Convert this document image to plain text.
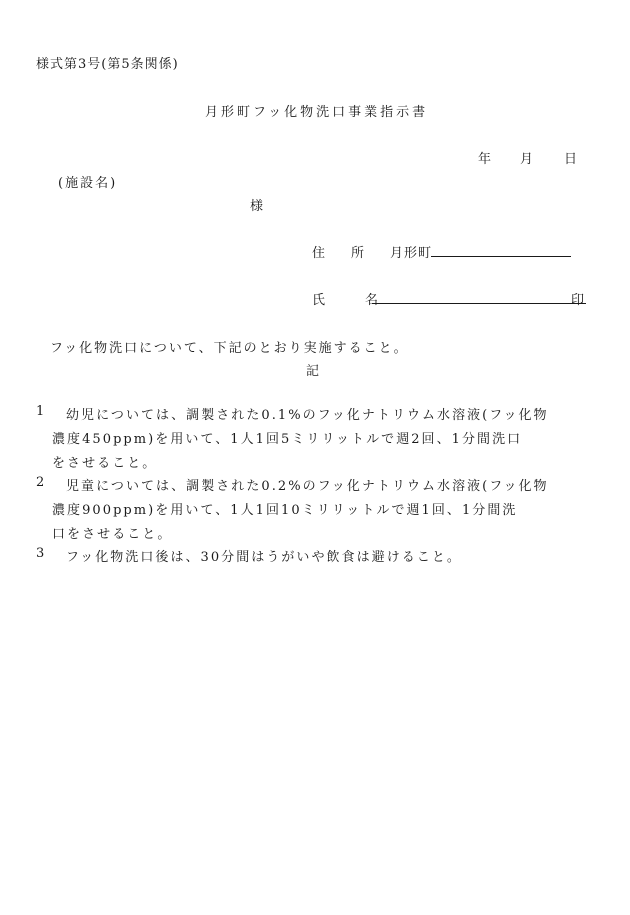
様式第3号(第5条関係)
月形町フッ化物洗口事業指示書
年 月 日
(施設名)
様
住 所 月形町
氏	名	印
フッ化物洗口について、下記のとおり実施すること。
記
1 幼児については、調製された0.1%のフッ化ナトリウム水溶液(フッ化物
濃度450ppm)を用いて、1人1回5ミリリットルで週2回、1分間洗口
をさせること。
2 児童については、調製された0.2%のフッ化ナトリウム水溶液(フッ化物
濃度900ppm)を用いて、1人1回10ミリリットルで週1回、1分間洗
口をさせること。
3 フッ化物洗口後は、30分間はうがいや飲食は避けること。
